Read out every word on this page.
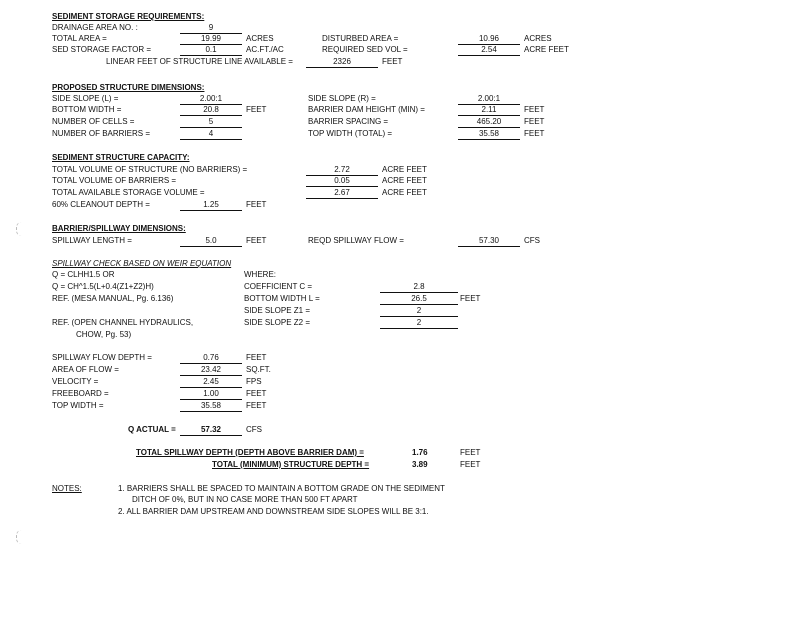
SEDIMENT STORAGE REQUIREMENTS:
DRAINAGE AREA NO. :	9
TOTAL AREA =	19.99	ACRES	DISTURBED AREA =	10.96	ACRES
SED STORAGE FACTOR =	0.1	AC.FT./AC	REQUIRED SED VOL =	2.54	ACRE FEET
LINEAR FEET OF STRUCTURE LINE AVAILABLE =	2326	FEET
PROPOSED STRUCTURE DIMENSIONS:
SIDE SLOPE (L) =	2.00:1	SIDE SLOPE (R) =	2.00:1
BOTTOM WIDTH =	20.8	FEET	BARRIER DAM HEIGHT (MIN) =	2.11	FEET
NUMBER OF CELLS =	5	BARRIER SPACING =	465.20	FEET
NUMBER OF BARRIERS =	4	TOP WIDTH (TOTAL) =	35.58	FEET
SEDIMENT STRUCTURE CAPACITY:
TOTAL VOLUME OF STRUCTURE (NO BARRIERS) =	2.72	ACRE FEET
TOTAL VOLUME OF BARRIERS =	0.05	ACRE FEET
TOTAL AVAILABLE STORAGE VOLUME =	2.67	ACRE FEET
60% CLEANOUT DEPTH =	1.25	FEET
BARRIER/SPILLWAY DIMENSIONS:
SPILLWAY LENGTH =	5.0	FEET	REQD SPILLWAY FLOW =	57.30	CFS
SPILLWAY CHECK BASED ON WEIR EQUATION
Q = CLHH1.5 OR	WHERE:
Q = CH^1.5(L+0.4(Z1+Z2)H)	COEFFICIENT C =	2.8
REF. (MESA MANUAL, Pg. 6.136)	BOTTOM WIDTH L =	26.5	FEET
SIDE SLOPE Z1 =	2
REF. (OPEN CHANNEL HYDRAULICS,	SIDE SLOPE Z2 =	2
CHOW, Pg. 53)
SPILLWAY FLOW DEPTH =	0.76	FEET
AREA OF FLOW =	23.42	SQ.FT.
VELOCITY =	2.45	FPS
FREEBOARD =	1.00	FEET
TOP WIDTH =	35.58	FEET
Q ACTUAL =	57.32	CFS
TOTAL SPILLWAY DEPTH (DEPTH ABOVE BARRIER DAM) =	1.76	FEET
TOTAL (MINIMUM) STRUCTURE DEPTH =	3.89	FEET
NOTES:	1. BARRIERS SHALL BE SPACED TO MAINTAIN A BOTTOM GRADE ON THE SEDIMENT
DITCH OF 0%, BUT IN NO CASE MORE THAN 500 FT APART
2. ALL BARRIER DAM UPSTREAM AND DOWNSTREAM SIDE SLOPES WILL BE 3:1.
